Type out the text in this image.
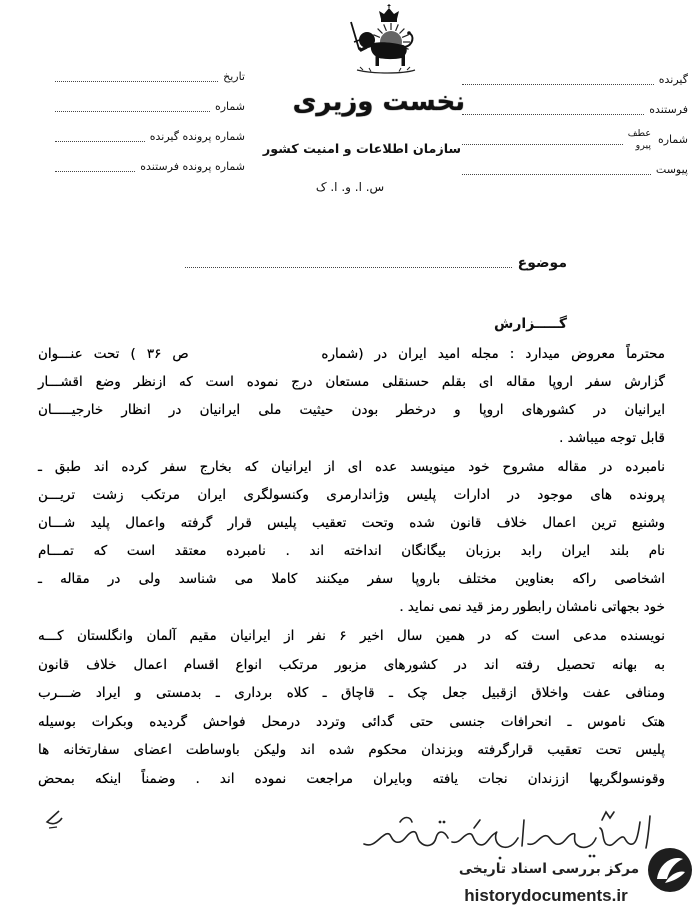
نخست وزیری
سازمان اطلاعات و امنیت کشور
س. ا. و. ا. ک
تاریخ
شماره
شماره پرونده گیرنده
شماره پرونده فرستنده
گیرنده
فرستنده
شماره
عطف
پیرو
پیوست
موضوع
گـــــزارش
محترماً معروض میدارد : مجله امید ایران در (شماره            ص ۳۶ ) تحت عنـــوان
گزارش سفر اروپا مقاله ای بقلم حسنقلی مستعان درج نموده است که ازنظر وضع اقشـــار
ایرانیان در کشورهای اروپا و درخطر بودن حیثیت ملی ایرانیان در انظار خارجیـــــان
قابل توجه میباشد .
نامبرده در مقاله مشروح خود مینویسد عده ای از ایرانیان که بخارج سفر کرده اند طبق ـ
پرونده های موجود در ادارات پلیس وژاندارمری وکنسولگری ایران مرتکب زشت تریـــن
وشنیع ترین اعمال خلاف قانون شده وتحت تعقیب پلیس قرار گرفته واعمال پلید شـــان
نام بلند ایران رابد برزبان بیگانگان انداخته اند . نامبرده معتقد است که تمـــام
اشخاصی راکه بعناوین مختلف باروپا سفر میکنند کاملا می شناسد ولی در مقاله ـ
خود بجهاتی نامشان رابطور رمز قید نمی نماید .
نویسنده مدعی است که در همین سال اخیر ۶ نفر از ایرانیان مقیم آلمان وانگلستان کـــه
به بهانه تحصیل رفته اند در کشورهای مزبور مرتکب انواع اقسام اعمال خلاف قانون
ومنافی عفت واخلاق ازقبیل جعل چک ـ قاچاق ـ کلاه برداری ـ بدمستی و ایراد ضـــرب
هتک ناموس ـ انحرافات جنسی حتی گدائی وتردد درمحل فواحش گردیده وبکرات بوسیله
پلیس تحت تعقیب قرارگرفته وبزندان محکوم شده اند ولیکن باوساطت اعضای سفارتخانه ها
وقونسولگریها اززندان نجات یافته وبایران مراجعت نموده اند . وضمناً اینکه بمحض
مرکز بررسی اسناد تاریخی
historydocuments.ir
